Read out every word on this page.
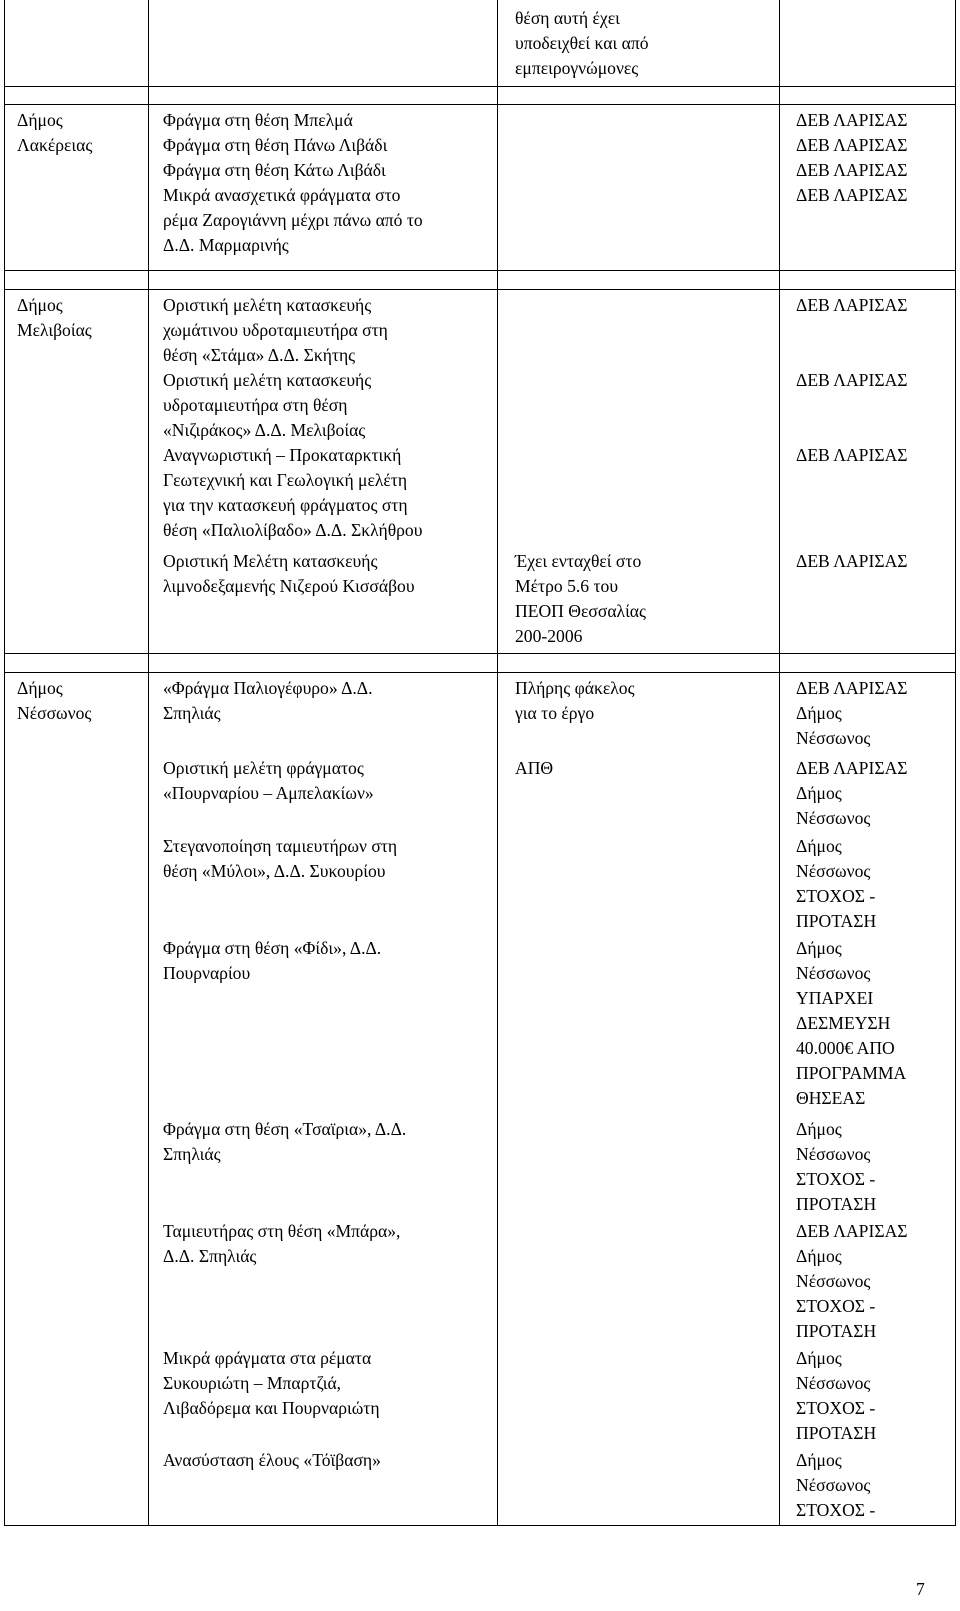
θέση αυτή έχει
υποδειχθεί και από
εμπειρογνώμονες
Δήμος
Λακέρειας
Φράγμα στη θέση Μπελμά
Φράγμα στη θέση Πάνω Λιβάδι
Φράγμα στη θέση Κάτω Λιβάδι
Μικρά ανασχετικά φράγματα στο
ρέμα Ζαρογιάννη μέχρι πάνω από το
Δ.Δ. Μαρμαρινής
ΔΕΒ ΛΑΡΙΣΑΣ
ΔΕΒ ΛΑΡΙΣΑΣ
ΔΕΒ ΛΑΡΙΣΑΣ
ΔΕΒ ΛΑΡΙΣΑΣ
Δήμος
Μελιβοίας
Οριστική μελέτη κατασκευής
χωμάτινου υδροταμιευτήρα στη
θέση «Στάμα» Δ.Δ. Σκήτης
Οριστική μελέτη κατασκευής
υδροταμιευτήρα στη θέση
«Νιζιράκος» Δ.Δ. Μελιβοίας
Αναγνωριστική – Προκαταρκτική
Γεωτεχνική και Γεωλογική μελέτη
για την κατασκευή φράγματος στη
θέση «Παλιολίβαδο» Δ.Δ. Σκλήθρου
Οριστική Μελέτη κατασκευής
λιμνοδεξαμενής Νιζερού Κισσάβου
Έχει ενταχθεί στο
Μέτρο 5.6 του
ΠΕΟΠ Θεσσαλίας
200-2006
ΔΕΒ ΛΑΡΙΣΑΣ
ΔΕΒ ΛΑΡΙΣΑΣ
ΔΕΒ ΛΑΡΙΣΑΣ
ΔΕΒ ΛΑΡΙΣΑΣ
Δήμος
Νέσσωνος
«Φράγμα Παλιογέφυρο» Δ.Δ.
Σπηλιάς
Οριστική μελέτη φράγματος
«Πουρναρίου – Αμπελακίων»
Στεγανοποίηση ταμιευτήρων στη
θέση «Μύλοι», Δ.Δ. Συκουρίου
Φράγμα στη θέση «Φίδι», Δ.Δ.
Πουρναρίου
Φράγμα στη θέση «Τσαϊρια», Δ.Δ.
Σπηλιάς
Ταμιευτήρας στη θέση «Μπάρα»,
Δ.Δ. Σπηλιάς
Μικρά φράγματα στα ρέματα
Συκουριώτη – Μπαρτζιά,
Λιβαδόρεμα και Πουρναριώτη
Ανασύσταση έλους «Τόϊβαση»
Πλήρης φάκελος
για το έργο
ΑΠΘ
ΔΕΒ ΛΑΡΙΣΑΣ
Δήμος
Νέσσωνος
ΔΕΒ ΛΑΡΙΣΑΣ
Δήμος
Νέσσωνος
Δήμος
Νέσσωνος
ΣΤΟΧΟΣ -
ΠΡΟΤΑΣΗ
Δήμος
Νέσσωνος
ΥΠΑΡΧΕΙ
ΔΕΣΜΕΥΣΗ
40.000€ ΑΠΟ
ΠΡΟΓΡΑΜΜΑ
ΘΗΣΕΑΣ
Δήμος
Νέσσωνος
ΣΤΟΧΟΣ -
ΠΡΟΤΑΣΗ
ΔΕΒ ΛΑΡΙΣΑΣ
Δήμος
Νέσσωνος
ΣΤΟΧΟΣ -
ΠΡΟΤΑΣΗ
Δήμος
Νέσσωνος
ΣΤΟΧΟΣ -
ΠΡΟΤΑΣΗ
Δήμος
Νέσσωνος
ΣΤΟΧΟΣ -
7
